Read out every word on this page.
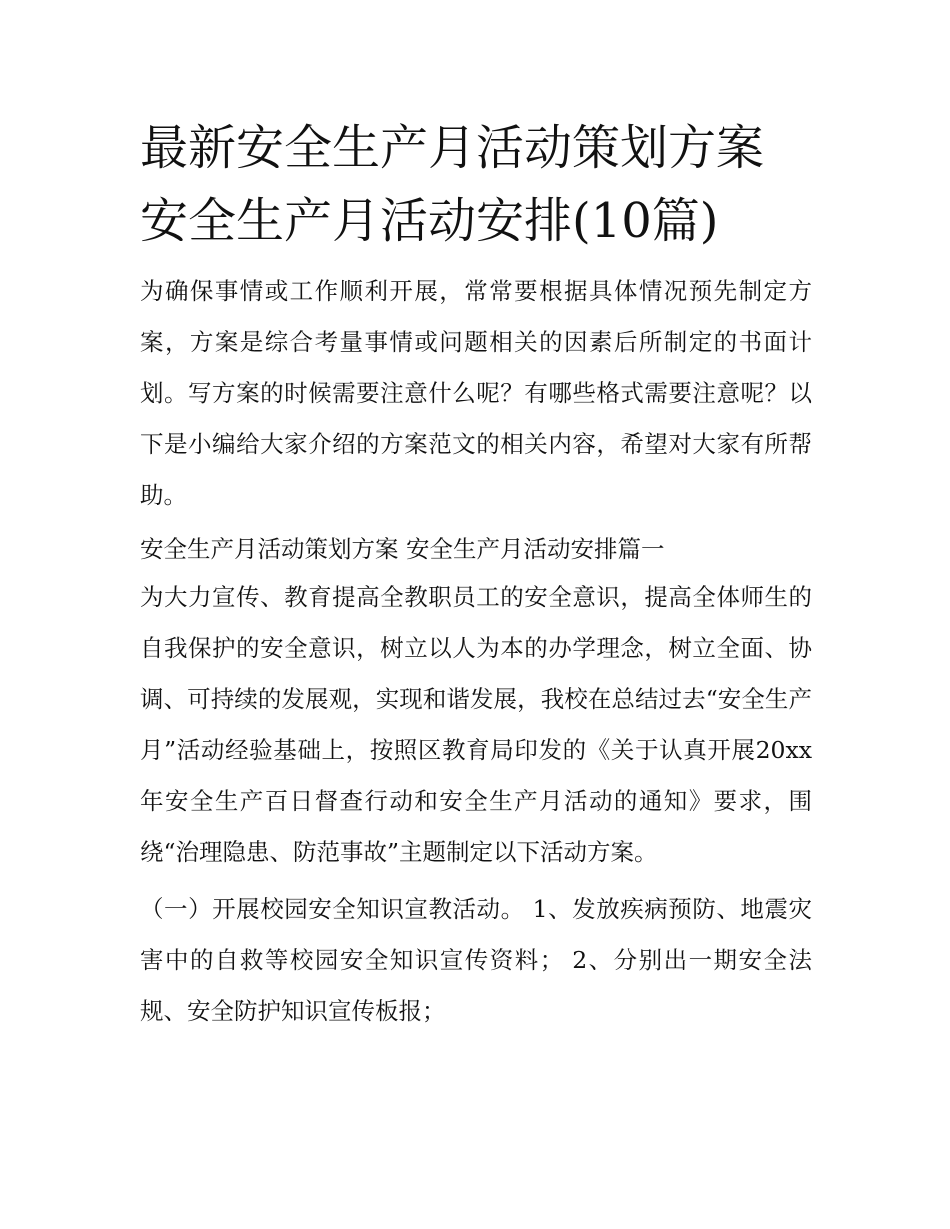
最新安全生产月活动策划方案 安全生产月活动安排(10篇)

为确保事情或工作顺利开展，常常要根据具体情况预先制定方案，方案是综合考量事情或问题相关的因素后所制定的书面计划。写方案的时候需要注意什么呢？有哪些格式需要注意呢？以下是小编给大家介绍的方案范文的相关内容，希望对大家有所帮助。

安全生产月活动策划方案 安全生产月活动安排篇一

为大力宣传、教育提高全教职员工的安全意识，提高全体师生的自我保护的安全意识，树立以人为本的办学理念，树立全面、协调、可持续的发展观，实现和谐发展，我校在总结过去“安全生产月”活动经验基础上，按照区教育局印发的《关于认真开展20xx年安全生产百日督查行动和安全生产月活动的通知》要求，围绕“治理隐患、防范事故”主题制定以下活动方案。

（一）开展校园安全知识宣教活动。 1、发放疾病预防、地震灾害中的自救等校园安全知识宣传资料； 2、分别出一期安全法规、安全防护知识宣传板报；
